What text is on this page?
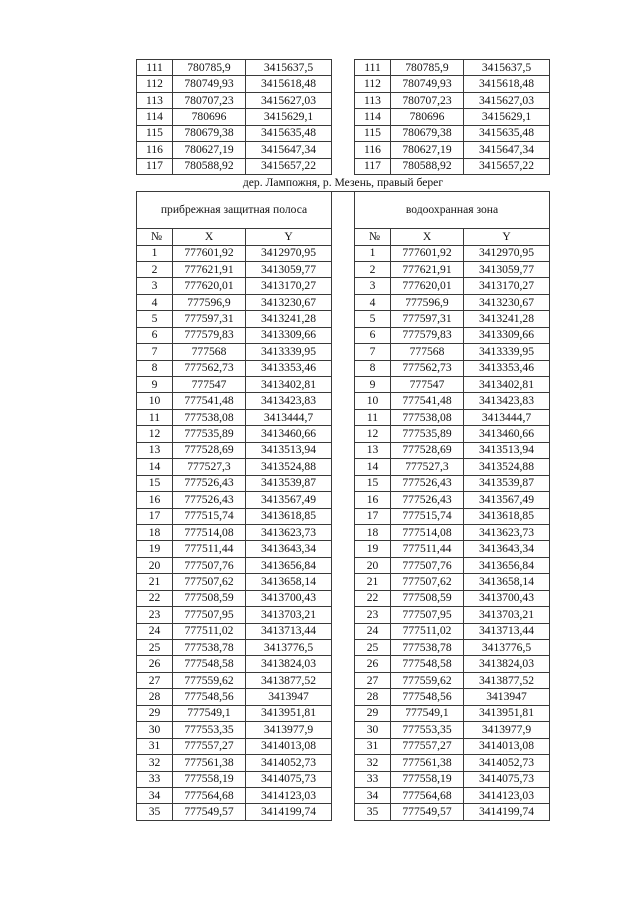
111	780785,9	3415637,5		111	780785,9	3415637,5
112	780749,93	3415618,48		112	780749,93	3415618,48
113	780707,23	3415627,03		113	780707,23	3415627,03
114	780696	3415629,1		114	780696	3415629,1
115	780679,38	3415635,48		115	780679,38	3415635,48
116	780627,19	3415647,34		116	780627,19	3415647,34
117	780588,92	3415657,22		117	780588,92	3415657,22
дер. Лампожня, р. Мезень, правый берег						
прибрежная защитная полоса				водоохранная зона		
№	X	Y		№	X	Y
1	777601,92	3412970,95		1	777601,92	3412970,95
2	777621,91	3413059,77		2	777621,91	3413059,77
3	777620,01	3413170,27		3	777620,01	3413170,27
4	777596,9	3413230,67		4	777596,9	3413230,67
5	777597,31	3413241,28		5	777597,31	3413241,28
6	777579,83	3413309,66		6	777579,83	3413309,66
7	777568	3413339,95		7	777568	3413339,95
8	777562,73	3413353,46		8	777562,73	3413353,46
9	777547	3413402,81		9	777547	3413402,81
10	777541,48	3413423,83		10	777541,48	3413423,83
11	777538,08	3413444,7		11	777538,08	3413444,7
12	777535,89	3413460,66		12	777535,89	3413460,66
13	777528,69	3413513,94		13	777528,69	3413513,94
14	777527,3	3413524,88		14	777527,3	3413524,88
15	777526,43	3413539,87		15	777526,43	3413539,87
16	777526,43	3413567,49		16	777526,43	3413567,49
17	777515,74	3413618,85		17	777515,74	3413618,85
18	777514,08	3413623,73		18	777514,08	3413623,73
19	777511,44	3413643,34		19	777511,44	3413643,34
20	777507,76	3413656,84		20	777507,76	3413656,84
21	777507,62	3413658,14		21	777507,62	3413658,14
22	777508,59	3413700,43		22	777508,59	3413700,43
23	777507,95	3413703,21		23	777507,95	3413703,21
24	777511,02	3413713,44		24	777511,02	3413713,44
25	777538,78	3413776,5		25	777538,78	3413776,5
26	777548,58	3413824,03		26	777548,58	3413824,03
27	777559,62	3413877,52		27	777559,62	3413877,52
28	777548,56	3413947		28	777548,56	3413947
29	777549,1	3413951,81		29	777549,1	3413951,81
30	777553,35	3413977,9		30	777553,35	3413977,9
31	777557,27	3414013,08		31	777557,27	3414013,08
32	777561,38	3414052,73		32	777561,38	3414052,73
33	777558,19	3414075,73		33	777558,19	3414075,73
34	777564,68	3414123,03		34	777564,68	3414123,03
35	777549,57	3414199,74		35	777549,57	3414199,74
